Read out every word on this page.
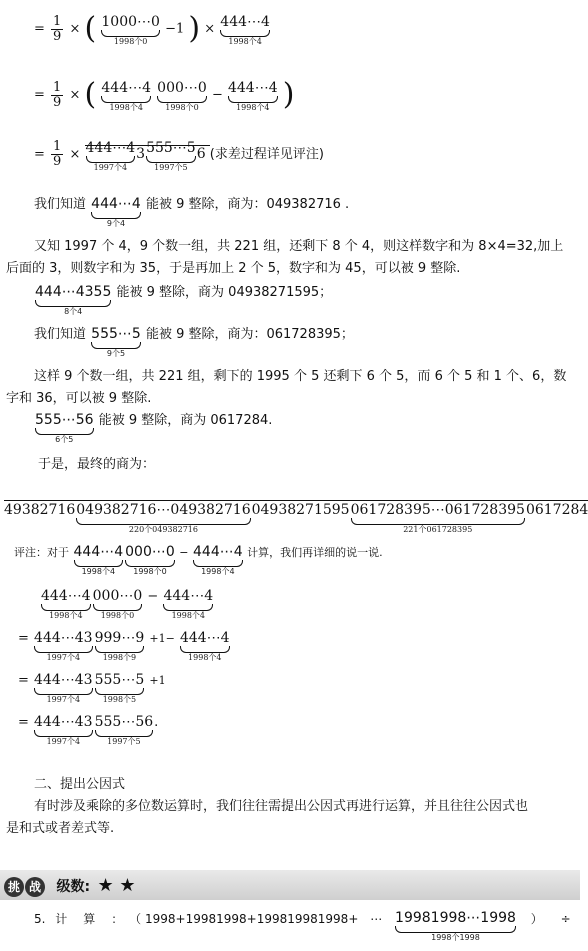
= $\frac{1}{9}$ × ( 1000⋯0
1998个0
−1 ) × 444⋯4
1998个4
= $\frac{1}{9}$ × ( 444⋯4
1998个4

000⋯0
1998个0
− 444⋯4
1998个4 )
= $\frac{1}{9}$ × 444⋯4
1997个4
3 555⋯5
1997个5
6 (求差过程详见评注)
我们知道 444⋯4
9个4
能被 9 整除，商为：049382716 .
又知 1997 个 4，9 个数一组，共 221 组，还剩下 8 个 4，则这样数字和为 8×4=32,加上
后面的 3，则数字和为 35，于是再加上 2 个 5，数字和为 45，可以被 9 整除.
444⋯4355
8个4
能被 9 整除，商为 04938271595；
我们知道 555⋯5
9个5
能被 9 整除，商为：061728395；
这样 9 个数一组，共 221 组，剩下的 1995 个 5 还剩下 6 个 5，而 6 个 5 和 1 个、6，数
字和 36，可以被 9 整除.
555⋯56
6个5
能被 9 整除，商为 0617284.
于是，最终的商为：
49382716 049382716⋯049382716
220个049382716
04938271595 061728395⋯061728395
221个061728395
0617284
评注：对于 444⋯4
1998个4
000⋯0
1998个0
− 444⋯4
1998个4
计算，我们再详细的说一说.
444⋯4
1998个4
000⋯0
1998个0
− 444⋯4
1998个4
= 444⋯43
1997个4
999⋯9
1998个9
+1− 444⋯4
1998个4
= 444⋯43
1997个4
555⋯5
1998个5
+1
= 444⋯43
1997个4
555⋯56
1997个5
.
二、提出公因式
有时涉及乘除的多位数运算时，我们往往需提出公因式再进行运算，并且往往公因式也
是和式或者差式等.
挑 战 级数: ★ ★
5. 计　算　： （ 1998+19981998+199819981998+ ⋯ 19981998⋯1998
1998个1998
） ÷
